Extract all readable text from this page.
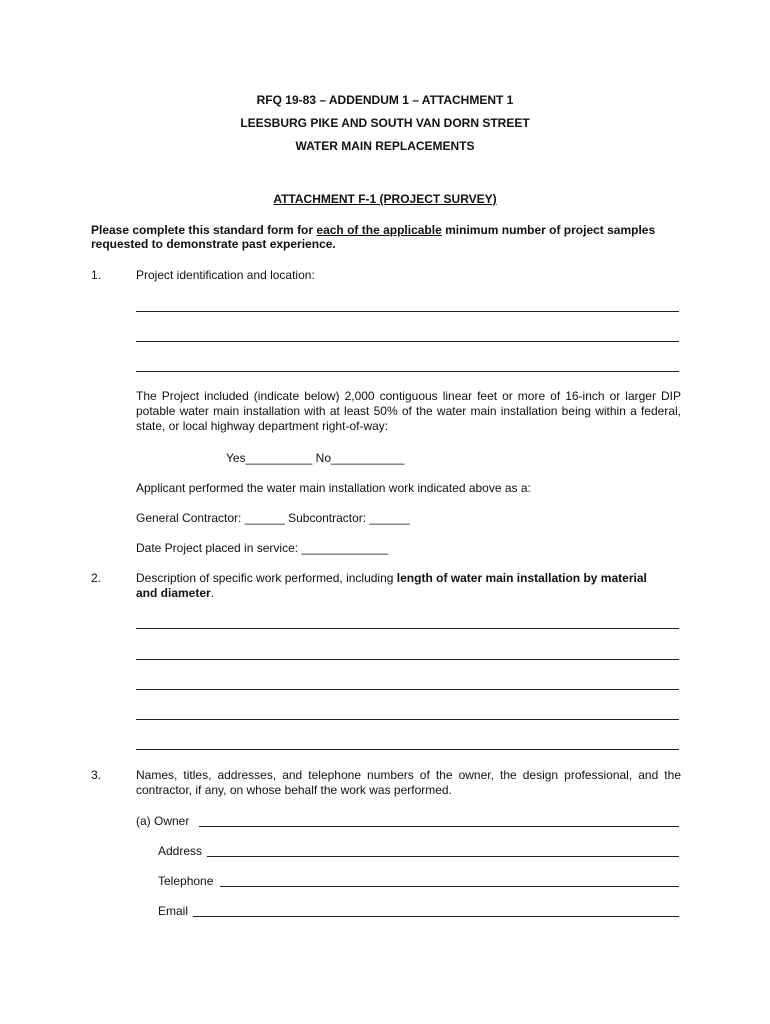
RFQ 19-83 – ADDENDUM 1 – ATTACHMENT 1
LEESBURG PIKE AND SOUTH VAN DORN STREET
WATER MAIN REPLACEMENTS
ATTACHMENT F-1 (PROJECT SURVEY)
Please complete this standard form for each of the applicable minimum number of project samples
requested to demonstrate past experience.
1.	Project identification and location:
The Project included (indicate below) 2,000 contiguous linear feet or more of 16-inch or larger DIP potable water main installation with at least 50% of the water main installation being within a federal, state, or local highway department right-of-way:
Yes__________ No___________
Applicant performed the water main installation work indicated above as a:
General Contractor: ______ Subcontractor: ______
Date Project placed in service: _____________
2.	Description of specific work performed, including length of water main installation by material
and diameter.
3.	Names, titles, addresses, and telephone numbers of the owner, the design professional, and the contractor, if any, on whose behalf the work was performed.
(a) Owner
Address
Telephone
Email
